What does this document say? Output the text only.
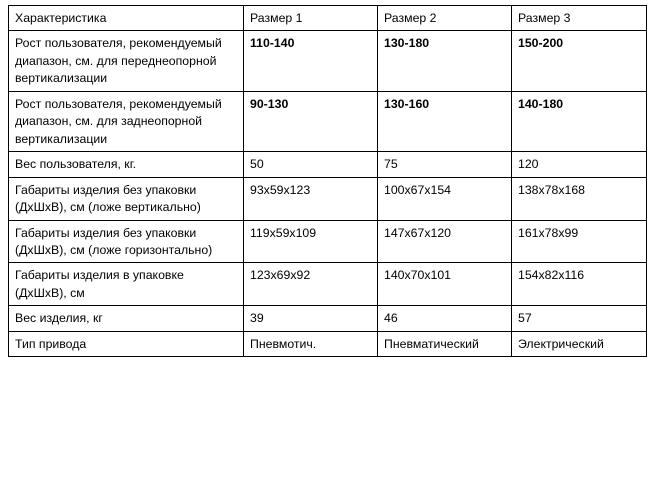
Характеристика	Размер 1	Размер 2	Размер 3
Рост пользователя, рекомендуемый диапазон, см. для переднеопорной вертикализации	110-140	130-180	150-200
Рост пользователя, рекомендуемый диапазон, см. для заднеопорной вертикализации	90-130	130-160	140-180
Вес пользователя, кг.	50	75	120
Габариты изделия без упаковки (ДхШхВ), см (ложе вертикально)	93x59x123	100x67x154	138x78x168
Габариты изделия без упаковки (ДхШхВ), см (ложе горизонтально)	119x59x109	147x67x120	161x78x99
Габариты изделия в упаковке (ДхШхВ), см	123x69x92	140x70x101	154x82x116
Вес изделия, кг	39	46	57
Тип привода	Пневмотич.	Пневматический	Электрический
